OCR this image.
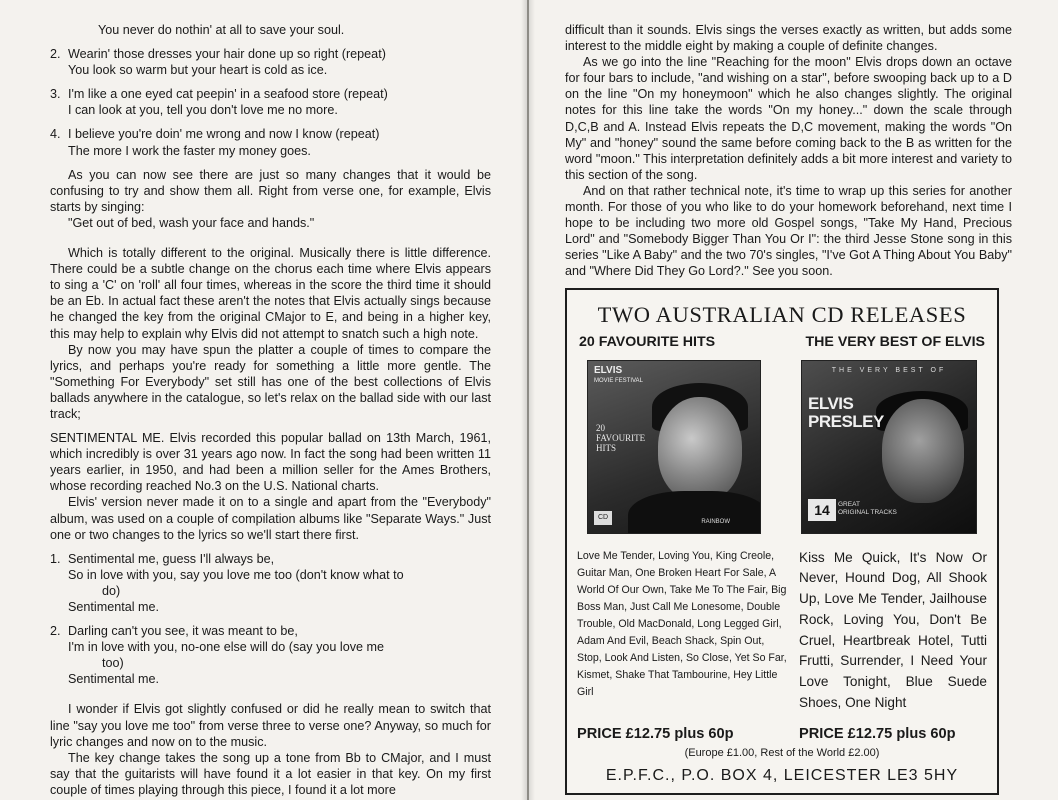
You never do nothin' at all to save your soul.
2. Wearin' those dresses your hair done up so right (repeat)
You look so warm but your heart is cold as ice.
3. I'm like a one eyed cat peepin' in a seafood store (repeat)
I can look at you, tell you don't love me no more.
4. I believe you're doin' me wrong and now I know (repeat)
The more I work the faster my money goes.

As you can now see there are just so many changes that it would be confusing to try and show them all. Right from verse one, for example, Elvis starts by singing:

"Get out of bed, wash your face and hands."

Which is totally different to the original. Musically there is little difference. There could be a subtle change on the chorus each time where Elvis appears to sing a 'C' on 'roll' all four times, whereas in the score the third time it should be an Eb. In actual fact these aren't the notes that Elvis actually sings because he changed the key from the original CMajor to E, and being in a higher key, this may help to explain why Elvis did not attempt to snatch such a high note.

By now you may have spun the platter a couple of times to compare the lyrics, and perhaps you're ready for something a little more gentle. The "Something For Everybody" set still has one of the best collections of Elvis ballads anywhere in the catalogue, so let's relax on the ballad side with our last track;

SENTIMENTAL ME. Elvis recorded this popular ballad on 13th March, 1961, which incredibly is over 31 years ago now. In fact the song had been written 11 years earlier, in 1950, and had been a million seller for the Ames Brothers, whose recording reached No.3 on the U.S. National charts.

Elvis' version never made it on to a single and apart from the "Everybody" album, was used on a couple of compilation albums like "Separate Ways." Just one or two changes to the lyrics so we'll start there first.

1. Sentimental me, guess I'll always be,
So in love with you, say you love me too (don't know what to
do)
Sentimental me.
2. Darling can't you see, it was meant to be,
I'm in love with you, no-one else will do (say you love me
too)
Sentimental me.

I wonder if Elvis got slightly confused or did he really mean to switch that line "say you love me too" from verse three to verse one? Anyway, so much for lyric changes and now on to the music.

The key change takes the song up a tone from Bb to CMajor, and I must say that the guitarists will have found it a lot easier in that key. On my first couple of times playing through this piece, I found it a lot more

difficult than it sounds. Elvis sings the verses exactly as written, but adds some interest to the middle eight by making a couple of definite changes.

As we go into the line "Reaching for the moon" Elvis drops down an octave for four bars to include, "and wishing on a star", before swooping back up to a D on the line "On my honeymoon" which he also changes slightly. The original notes for this line take the words "On my honey..." down the scale through D,C,B and A. Instead Elvis repeats the D,C movement, making the words "On My" and "honey" sound the same before coming back to the B as written for the word "moon." This interpretation definitely adds a bit more interest and variety to this section of the song.

And on that rather technical note, it's time to wrap up this series for another month. For those of you who like to do your homework beforehand, next time I hope to be including two more old Gospel songs, "Take My Hand, Precious Lord" and "Somebody Bigger Than You Or I": the third Jesse Stone song in this series "Like A Baby" and the two 70's singles, "I've Got A Thing About You Baby" and "Where Did They Go Lord?." See you soon.

TWO AUSTRALIAN CD RELEASES
20 FAVOURITE HITS	THE VERY BEST OF ELVIS
ELVIS
MOVIE FESTIVAL
20
FAVOURITE
HITS
CD
RAINBOW
THE VERY BEST OF
ELVIS
PRESLEY
14	GREAT
ORIGINAL TRACKS
Love Me Tender, Loving You, King Creole, Guitar Man, One Broken Heart For Sale, A World Of Our Own, Take Me To The Fair, Big Boss Man, Just Call Me Lonesome, Double Trouble, Old MacDonald, Long Legged Girl, Adam And Evil, Beach Shack, Spin Out, Stop, Look And Listen, So Close, Yet So Far, Kismet, Shake That Tambourine, Hey Little Girl
Kiss Me Quick, It's Now Or Never, Hound Dog, All Shook Up, Love Me Tender, Jailhouse Rock, Loving You, Don't Be Cruel, Heartbreak Hotel, Tutti Frutti, Surrender, I Need Your Love Tonight, Blue Suede Shoes, One Night
PRICE £12.75 plus 60p	PRICE £12.75 plus 60p
(Europe £1.00, Rest of the World £2.00)
E.P.F.C., P.O. BOX 4, LEICESTER LE3 5HY
